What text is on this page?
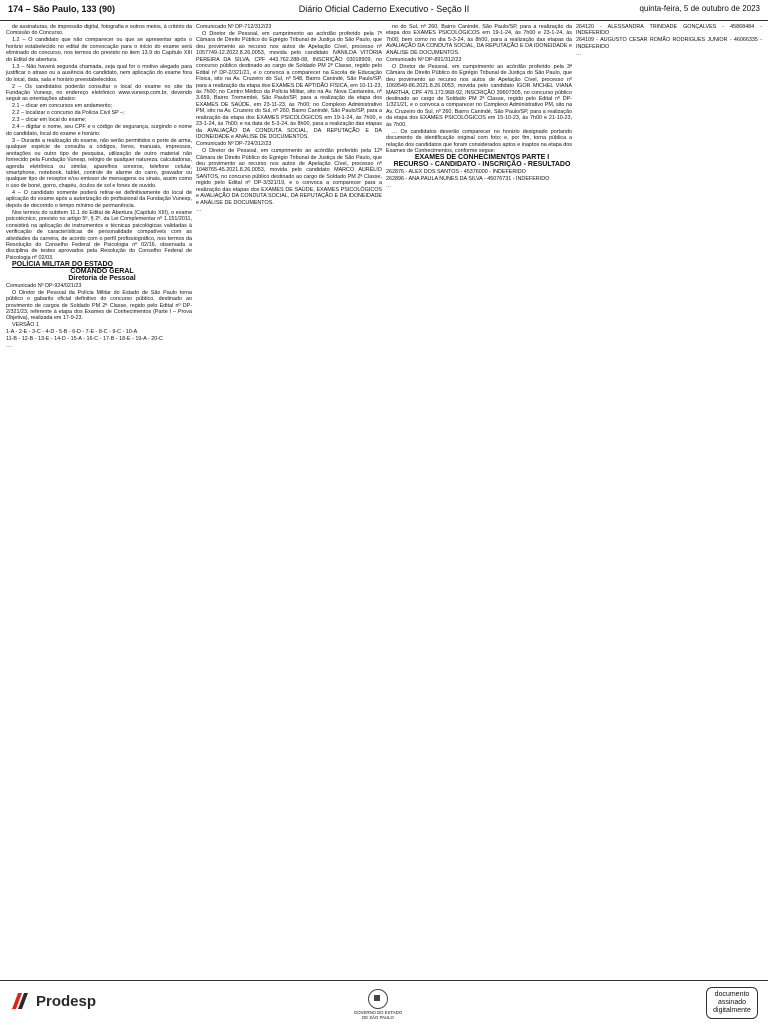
174 – São Paulo, 133 (90)	Diário Oficial Caderno Executivo - Seção II	quinta-feira, 5 de outubro de 2023

de assinaturas, de impressão digital, fotografia e outros meios, à critério da Comissão do Concurso.

1.2 – O candidato que não comparecer ou que se apresentar após o horário estabelecido no edital de convocação para o início do exame será eliminado do concurso, nos termos do previsto no item 13.9 do Capítulo XIII do Edital de abertura.

1.3 – Não haverá segunda chamada, seja qual for o motivo alegado para justificar o atraso ou a ausência do candidato, nem aplicação do exame fora do local, data, sala e horário preestabelecidos.

2 – Os candidatos poderão consultar o local do exame no site da Fundação Vunesp, no endereço eletrônico www.vunesp.com.br, devendo seguir as orientações abaixo:

2.1 – clicar em concursos em andamento;

2.2 – localizar o concurso da Polícia Civil SP –;

2.3 – clicar em local do exame;

2.4 – digitar o nome, seu CPF e o código de segurança, surgindo o nome do candidato, local do exame e horário.

3 – Durante a realização do exame, não serão permitidos o porte de arma, qualquer espécie de consulta a códigos, livros, manuais, impressos, anotações ou outro tipo de pesquisa, utilização de outro material não fornecido pela Fundação Vunesp, relógio de qualquer natureza, calculadoras, agenda eletrônica ou similar, aparelhos sonoros, telefone celular, smartphone, notebook, tablet, controle de alarme do carro, gravador ou qualquer tipo de receptor e/ou emissor de mensagens ou sinais, assim como o uso de boné, gorro, chapéu, óculos de sol e fones de ouvido.

4 – O candidato somente poderá retirar-se definitivamente do local de aplicação do exame após a autorização do profissional da Fundação Vunesp, depois de decorrido o tempo mínimo de permanência.

Nos termos do subitem 11.1 do Edital de Abertura (Capítulo XIII), o exame psicotécnico, previsto no artigo 5º, § 2º, da Lei Complementar nº 1.151/2011, consistirá na aplicação de instrumentos e técnicas psicológicas validadas à verificação de características de personalidade compatíveis com as atividades da carreira, de acordo com o perfil profissiográfico, nos termos da Resolução do Conselho Federal de Psicologia nº 02/16, observada a disciplina de testes aprovados pela Resolução do Conselho Federal de Psicologia nº 02/03.

POLÍCIA MILITAR DO ESTADO

COMANDO GERAL

Diretoria de Pessoal

Comunicado Nº DP-924/021/23

O Diretor de Pessoal da Polícia Militar do Estado de São Paulo torna público o gabarito oficial definitivo do concurso público, destinado ao provimento de cargos de Soldado PM 2ª Classe, regido pelo Edital nº DP-2/321/23, referente à etapa dos Exames de Conhecimentos (Parte I – Prova Objetiva), realizada em 17-9-23.

VERSÃO 1

1-A - 2-E - 3-C - 4-D - 5-B - 6-D - 7-E - 8-C - 9-C - 10-A

11-B - 12-B - 13-E - 14-D - 15-A - 16-C - 17-B - 18-E - 19-A - 20-C

…

Comunicado Nº DP-712/312/23

O Diretor de Pessoal, em cumprimento ao acórdão proferido pela 7ª Câmara de Direito Público do Egrégio Tribunal de Justiça do São Paulo, que deu provimento ao recurso nos autos de Apelação Cível, processo nº 1057749-12.2022.8.26.0053, movida pelo candidato IVANILDA VITÓRIA PEREIRA DA SILVA, CPF 443.762.288-08, INSCRIÇÃO 03018909, no concurso público destinado ao cargo de Soldado PM 2ª Classe, regido pelo Edital nº DP-2/321/21, e o convoca a comparecer na Escola de Educação Física, sito na Av. Cruzeiro do Sul, nº 548, Bairro Canindé, São Paulo/SP, para a realização da etapa dos EXAMES DE APTIDÃO FÍSICA, em 10-11-23, às 7h00; no Centro Médico da Polícia Militar, sito na Av. Nova Cantareira, nº 3.659, Bairro Tremembé, São Paulo/SP, para a realização da etapa dos EXAMES DE SAÚDE, em 23-11-23, às 7h00; no Complexo Administrativo PM, sito na Av. Cruzeiro do Sul, nº 260, Bairro Canindé, São Paulo/SP, para a realização da etapa dos EXAMES PSICOLÓGICOS em 19-1-24, às 7h00, e 23-1-24, às 7h00; e na data de 5-3-24, às 8h00, para a realização das etapas da AVALIAÇÃO DA CONDUTA SOCIAL, DA REPUTAÇÃO E DA IDONEIDADE e ANÁLISE DE DOCUMENTOS.

Comunicado Nº DP-724/312/23

O Diretor de Pessoal, em cumprimento ao acórdão proferido pela 12ª Câmara de Direito Público do Egrégio Tribunal de Justiça de São Paulo, que deu provimento ao recurso nos autos de Apelação Cível, processo nº 1048765-45.2021.8.26.0053, movida pelo candidato MARCO AURÉLIO SANTOS, no concurso público destinado ao cargo de Soldado PM 2ª Classe, regido pelo Edital nº DP-3/321/19, e o convoca a comparecer para a realização das etapas dos EXAMES DE SAÚDE, EXAMES PSICOLÓGICOS e AVALIAÇÃO DA CONDUTA SOCIAL, DA REPUTAÇÃO E DA IDONEIDADE e ANÁLISE DE DOCUMENTOS.

…

no do Sul, nº 260, Bairro Canindé, São Paulo/SP, para a realização da etapa dos EXAMES PSICOLÓGICOS em 19-1-24, às 7h00 e 23-1-24, às 7h00; bem como no dia 5-3-24, às 8h00, para a realização das etapas da AVALIAÇÃO DA CONDUTA SOCIAL, DA REPUTAÇÃO E DA IDONEIDADE e ANÁLISE DE DOCUMENTOS.

Comunicado Nº DP-891/312/23

O Diretor de Pessoal, em cumprimento ao acórdão proferido pela 3ª Câmara de Direito Público do Egrégio Tribunal de Justiça do São Paulo, que deu provimento ao recurso nos autos de Apelação Cível, processo nº 1069549-86.2021.8.26.0053, movida pelo candidato IGOR MICHEL VIANA MARTHA, CPF 476.172.968-92, INSCRIÇÃO 39607305, no concurso público destinado ao cargo de Soldado PM 2ª Classe, regido pelo Edital nº DP-1/321/21, e o convoca a comparecer no Complexo Administrativo PM, sito na Av. Cruzeiro do Sul, nº 260, Bairro Canindé, São Paulo/SP, para a realização da etapa dos EXAMES PSICOLÓGICOS em 15-10-23, às 7h00 e 21-10-23, às 7h00.

… Os candidatos deverão comparecer no horário designado portando documento de identificação original com foto; e, por fim, torna pública a relação dos candidatos que foram considerados aptos e inaptos na etapa dos Exames de Conhecimentos, conforme segue:

EXAMES DE CONHECIMENTOS PARTE I

RECURSO - CANDIDATO - INSCRIÇÃO - RESULTADO

262876 - ALEX DOS SANTOS - 45376000 - INDEFERIDO

262896 - ANA PAULA NUNES DA SILVA - 45076731 - INDEFERIDO

…

264120 - ALESSANDRA TRINDADE GONÇALVES - 45868484 - INDEFERIDO

264109 - AUGUSTO CESAR ROMÃO RODRIGUES JUNIOR - 46066335 - INDEFERIDO

…

Prodesp
GOVERNO DO ESTADO
DE SÃO PAULO
documento
assinado
digitalmente
